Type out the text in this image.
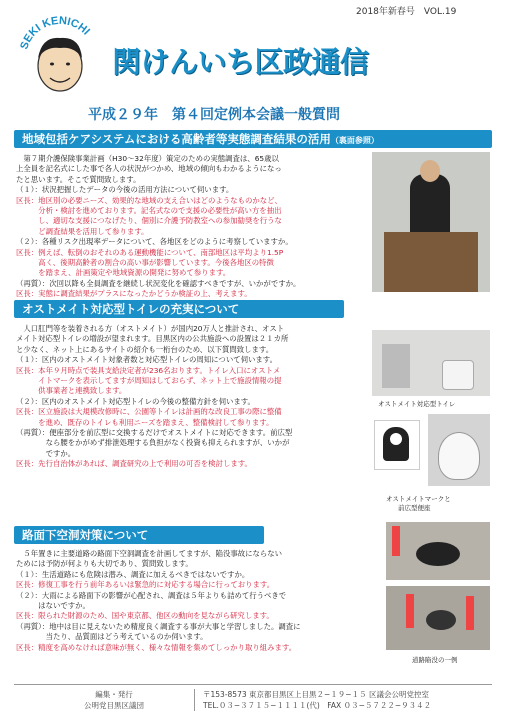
2018年新春号　VOL.19
SEKI KENICHI
関けんいち区政通信
平成２９年　第４回定例本会議一般質問
地域包括ケアシステムにおける高齢者等実態調査結果の活用（裏面参照）

　第７期介護保険事業計画（H30〜32年度）策定のための実態調査は、65歳以

上全員を記名式にした事で各人の状況がつかめ、地域の傾向もわかるようになっ

たと思います。そこで質問致します。

（１）：状況把握したデータの今後の活用方法について伺います。

区長：地区別の必要ニーズ、効果的な地域の支え合いはどのようなものかなど、

　　　分析・検討を進めております。記名式なので支援の必要性が高い方を抽出

　　　し、適切な支援につなげたり、個別に介護予防教室への参加勧奨を行うな

　　　ど調査結果を活用して参ります。

（２）：各種リスク出現率データについて、各地区をどのように考察していますか。

区長：例えば、転倒のおそれのある運動機能について、南部地区は平均より1.5P

　　　高く、後期高齢者の割合の高い事が影響しています。今後各地区の特徴

　　　を踏まえ、計画策定や地域資源の開発に努めて参ります。

（再質）：次回以降も全員調査を継続し状況変化を確認すべきですが、いかがですか。

区長：実態に調査結果がプラスになったかどうか検証の上、考えます。

オストメイト対応型トイレの充実について

　人口肛門等を装着される方（オストメイト）が国内20万人と推計され、オスト

メイト対応型トイレの増設が望まれます。目黒区内の公共施設への設置は２１カ所

と少なく、ネット上にあるサイトの紹介も一桁台のため、以下質問致します。

（１）：区内のオストメイト対象者数と対応型トイレの周知について伺います。

区長：本年９月時点で装具支給決定者が236名おります。トイレ入口にオストメ

　　　イトマークを表示してますが周知はしておらず、ネット上で施設情報の提

　　　供事業者と連携致します。

（２）：区内のオストメイト対応型トイレの今後の整備方針を伺います。

区長：区立施設は大規模改修時に、公園等トイレは計画的な改良工事の際に整備

　　　を進め、既存のトイレも利用ニーズを踏まえ、整備検討して参ります。

（再質）：便座部分を前広型に交換するだけでオストメイトに対応できます。前広型

　　　　なら腰をかがめず排泄処理する負担がなく投資も抑えられますが、いかが

　　　　ですか。

区長：先行自治体があれば、調査研究の上で利用の可否を検討します。

オストメイト対応型トイレ
オストメイトマークと
前広型便座
路面下空洞対策について

　５年置きに主要道路の路面下空洞調査を計画してますが、陥没事故にならない

ためには予防が何よりも大切であり、質問致します。

（１）：生活道路にも危険は潜み、調査に加えるべきではないですか。

区長：修復工事を行う前年あるいは緊急的に対応する場合に行っております。

（２）：大雨による路面下の影響が心配され、調査は５年よりも詰めて行うべきで

　　　はないですか。

区長：限られた財源のため、国や東京都、他区の動向を見ながら研究します。

（再質）：地中は目に見えないため精度良く調査する事が大事と学習しました。調査に

　　　　当たり、品質面はどう考えているのか伺います。

区長：精度を高めなければ意味が無く、様々な情報を集めてしっかり取り組みます。

道路陥没の一例
編集・発行
公明党目黒区議団
〒153-8573 東京都目黒区上目黒２−１９−１５ 区議会公明党控室
TEL.０３−３７１５−１１１１(代)　FAX ０３−５７２２−９３４２
